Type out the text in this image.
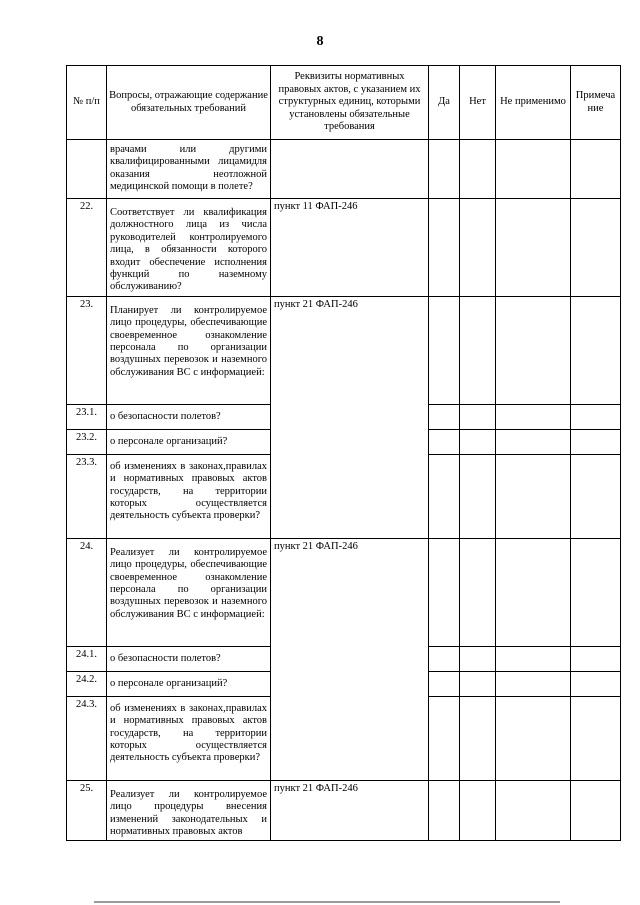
8
№ п/п	Вопросы, отражающие содержание обязательных требований	Реквизиты нормативных правовых актов, с указанием их структурных единиц, которыми установлены обязательные требования	Да	Нет	Не применимо	Примечание
	врачами или другими квалифицированными лицамидля оказания неотложной медицинской помощи в полете?					
22.	Соответствует ли квалификация должностного лица из числа руководителей контролируемого лица, в обязанности которого входит обеспечение исполнения функций по наземному обслуживанию?	пункт 11 ФАП-246				
23.	Планирует ли контролируемое лицо процедуры, обеспечивающие своевременное ознакомление персонала по организации воздушных перевозок и наземного обслуживания ВС с информацией:	пункт 21 ФАП-246				
23.1.	о безопасности полетов?					
23.2.	о персонале организаций?					
23.3.	об изменениях в законах,правилах и нормативных правовых актов государств, на территории которых осуществляется деятельность субъекта проверки?					
24.	Реализует ли контролируемое лицо процедуры, обеспечивающие своевременное ознакомление персонала по организации воздушных перевозок и наземного обслуживания ВС с информацией:	пункт 21 ФАП-246				
24.1.	о безопасности полетов?					
24.2.	о персонале организаций?					
24.3.	об изменениях в законах,правилах и нормативных правовых актов государств, на территории которых осуществляется деятельность субъекта проверки?					
25.	Реализует ли контролируемое лицо процедуры внесения изменений законодательных и нормативных правовых актов	пункт 21 ФАП-246				
